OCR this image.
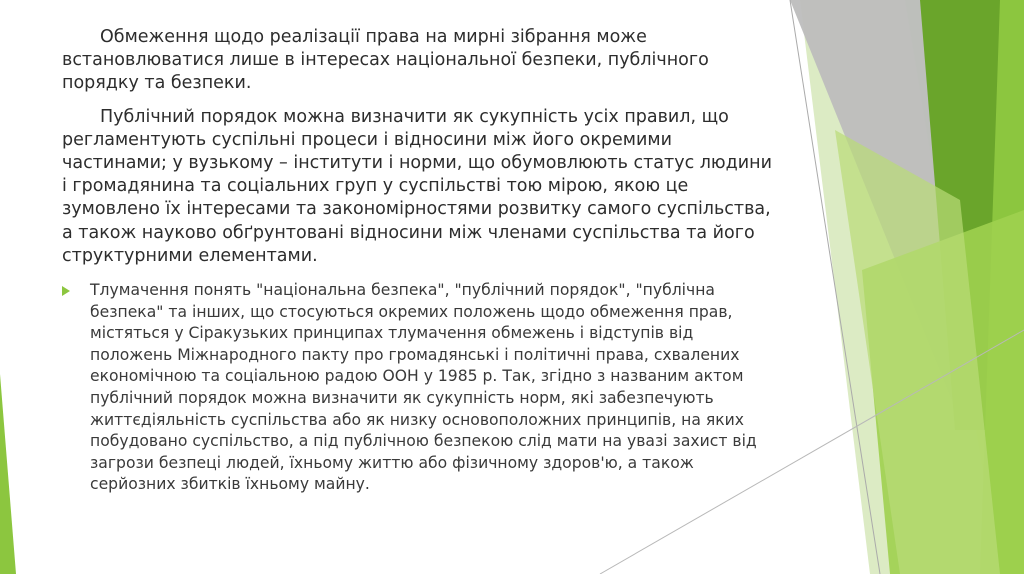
Обмеження щодо реалізації права на мирні зібрання може встановлюватися лише в інтересах національної безпеки, публічного порядку та безпеки.

Публічний порядок можна визначити як сукупність усіх правил, що регламентують суспільні процеси і відносини між його окремими частинами; у вузькому – інститути і норми, що обумовлюють статус людини і громадянина та соціальних груп у суспільстві тою мірою, якою це зумовлено їх інтересами та закономірностями розвитку самого суспільства, а також науково обґрунтовані відносини між членами суспільства та його структурними елементами.

Тлумачення понять "національна безпека", "публічний порядок", "публічна безпека" та інших, що стосуються окремих положень щодо обмеження прав, містяться у Сіракузьких принципах тлумачення обмежень і відступів від положень Міжнародного пакту про громадянські і політичні права, схвалених економічною та соціальною радою ООН у 1985 р. Так, згідно з названим актом публічний порядок можна визначити як сукупність норм, які забезпечують життєдіяльність суспільства або як низку основоположних принципів, на яких побудовано суспільство, а під публічною безпекою слід мати на увазі захист від загрози безпеці людей, їхньому життю або фізичному здоров'ю, а також серйозних збитків їхньому майну.
